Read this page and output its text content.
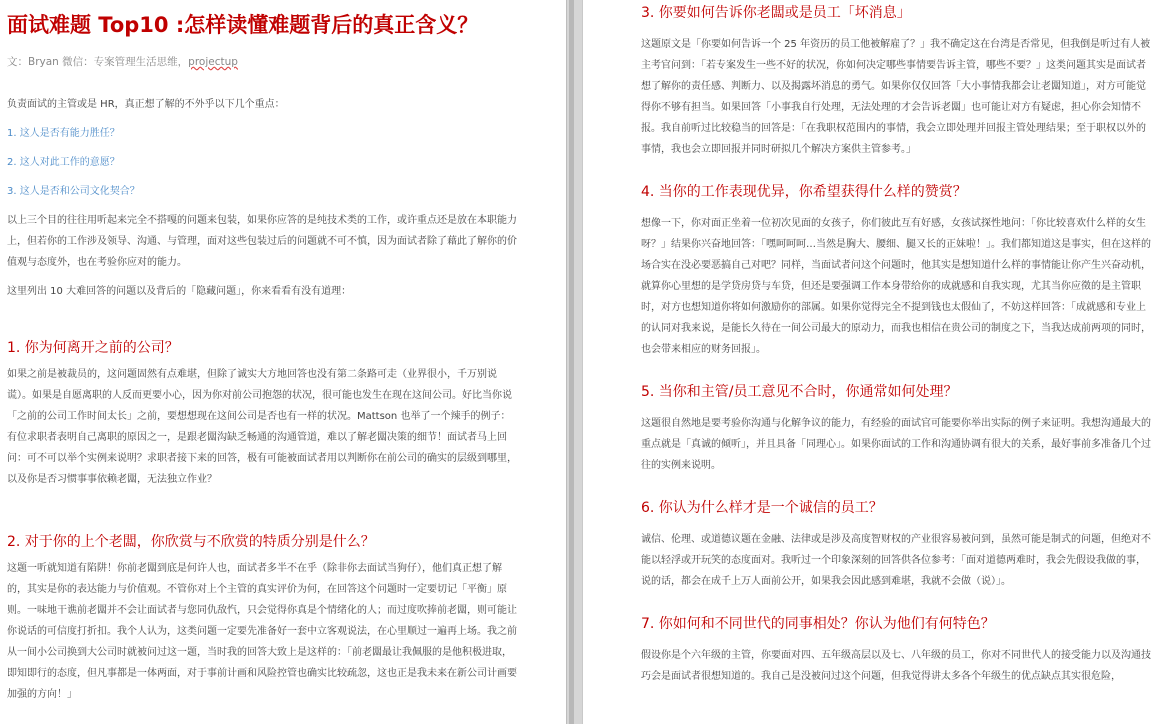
面试难题 Top10 :怎样读懂难题背后的真正含义？
文：Bryan 微信：专案管理生活思维，projectup

负责面试的主管或是 HR，真正想了解的不外乎以下几个重点：

1. 这人是否有能力胜任？

2. 这人对此工作的意愿？

3. 这人是否和公司文化契合？

以上三个目的往往用听起来完全不搭嘎的问题来包装，如果你应答的是纯技术类的工作，或许重点还是放在本职能力上，但若你的工作涉及领导、沟通、与管理，面对这些包装过后的问题就不可不慎，因为面试者除了藉此了解你的价值观与态度外，也在考验你应对的能力。

这里列出 10 大难回答的问题以及背后的「隐藏问题」，你来看看有没有道理：

1. 你为何离开之前的公司？

如果之前是被裁员的，这问题固然有点难堪，但除了诚实大方地回答也没有第二条路可走（业界很小，千万别说谎）。如果是自愿离职的人反而更要小心，因为你对前公司抱怨的状况，很可能也发生在现在这间公司。好比当你说「之前的公司工作时间太长」之前，要想想现在这间公司是否也有一样的状况。Mattson 也举了一个辣手的例子：有位求职者表明自己离职的原因之一，是跟老闆沟缺乏畅通的沟通管道，难以了解老闆决策的细节！面试者马上回问：可不可以举个实例来说明？求职者接下来的回答，极有可能被面试者用以判断你在前公司的确实的层级到哪里，以及你是否习惯事事依赖老闆，无法独立作业？

2. 对于你的上个老闆，你欣赏与不欣赏的特质分别是什么？

这题一听就知道有陷阱！你前老闆到底是何许人也，面试者多半不在乎（除非你去面试当狗仔），他们真正想了解的，其实是你的表达能力与价值观。不管你对上个主管的真实评价为何，在回答这个问题时一定要切记「平衡」原则。一味地干谯前老闆并不会让面试者与您同仇敌忾，只会觉得你真是个情绪化的人；而过度吹捧前老闆，则可能让你说话的可信度打折扣。我个人认为，这类问题一定要先准备好一套中立客观说法，在心里顺过一遍再上场。我之前从一间小公司换到大公司时就被问过这一题，当时我的回答大致上是这样的：「前老闆最让我佩服的是他积极进取，即知即行的态度，但凡事都是一体两面，对于事前计画和风险控管也确实比较疏忽，这也正是我未来在新公司计画要加强的方向！」

3. 你要如何告诉你老闆或是员工「坏消息」

这题原文是「你要如何告诉一个 25 年资历的员工他被解雇了？」我不确定这在台湾是否常见，但我倒是听过有人被主考官问到：「若专案发生一些不好的状况，你如何决定哪些事情要告诉主管，哪些不要？」这类问题其实是面试者想了解你的责任感、判断力、以及揭露坏消息的勇气。如果你仅仅回答「大小事情我都会让老闆知道」，对方可能觉得你不够有担当。如果回答「小事我自行处理，无法处理的才会告诉老闆」也可能让对方有疑虑，担心你会知情不报。我自前听过比较稳当的回答是：「在我职权范围内的事情，我会立即处理并回报主管处理结果；至于职权以外的事情，我也会立即回报并同时研拟几个解决方案供主管参考。」

4. 当你的工作表现优异，你希望获得什么样的赞赏？

想像一下，你对面正坐着一位初次见面的女孩子，你们彼此互有好感，女孩试探性地问：「你比较喜欢什么样的女生呀？」结果你兴奋地回答：「嘿呵呵呵…当然是胸大、腰细、腿又长的正妹啦！」。我们都知道这是事实，但在这样的场合实在没必要恶搞自己对吧？同样，当面试者问这个问题时，他其实是想知道什么样的事情能让你产生兴奋动机，就算你心里想的是学贷房贷与车贷，但还是要强调工作本身带给你的成就感和自我实现，尤其当你应徵的是主管职时，对方也想知道你将如何激励你的部属。如果你觉得完全不提到钱也太假仙了，不妨这样回答：「成就感和专业上的认同对我来说，是能长久待在一间公司最大的原动力，而我也相信在贵公司的制度之下，当我达成前两项的同时，也会带来相应的财务回报」。

5. 当你和主管/员工意见不合时，你通常如何处理？

这题很自然地是要考验你沟通与化解争议的能力，有经验的面试官可能要你举出实际的例子来证明。我想沟通最大的重点就是「真诚的倾听」，并且具备「同理心」。如果你面试的工作和沟通协调有很大的关系，最好事前多准备几个过往的实例来说明。

6. 你认为什么样才是一个诚信的员工？

诚信、伦理、或道德议题在金融、法律或是涉及高度智财权的产业很容易被问到，虽然可能是制式的问题，但绝对不能以轻浮或开玩笑的态度面对。我听过一个印象深刻的回答供各位参考：「面对道德两难时，我会先假设我做的事，说的话，都会在成千上万人面前公开，如果我会因此感到难堪，我就不会做（说）」。

7. 你如何和不同世代的同事相处？你认为他们有何特色？

假设你是个六年级的主管，你要面对四、五年级高层以及七、八年级的员工，你对不同世代人的接受能力以及沟通技巧会是面试者很想知道的。我自己是没被问过这个问题，但我觉得讲太多各个年级生的优点缺点其实很危险，
